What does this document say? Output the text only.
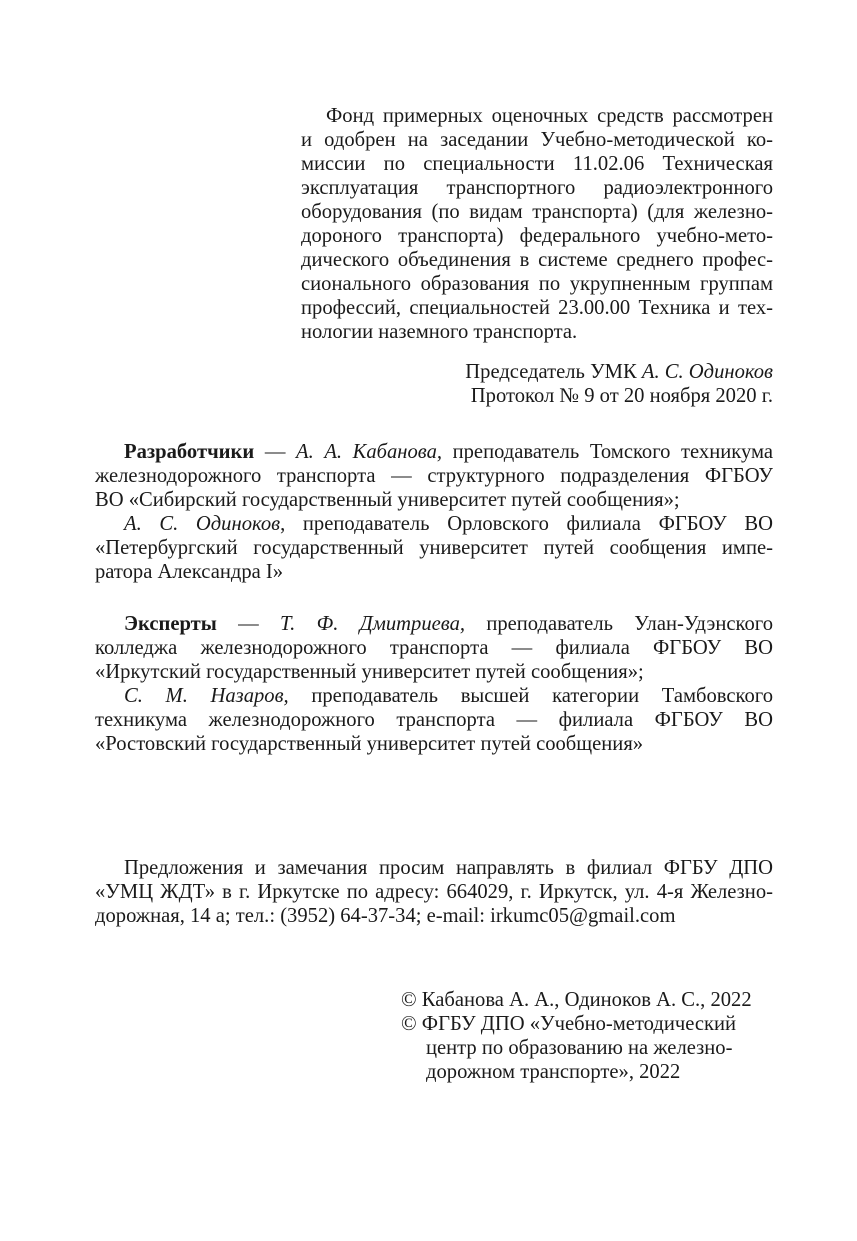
Фонд примерных оценочных средств рассмотрен

и одобрен на заседании Учебно-методической ко-

миссии по специальности 11.02.06 Техническая

эксплуатация транспортного радиоэлектронного

оборудования (по видам транспорта) (для железно-

дороного транспорта) федерального учебно-мето-

дического объединения в системе среднего профес-

сионального образования по укрупненным группам

профессий, специальностей 23.00.00 Техника и тех-

нологии наземного транспорта.

Председатель УМК А. С. Одиноков

Протокол № 9 от 20 ноября 2020 г.

Разработчики — А. А. Кабанова, преподаватель Томского техникума

железнодорожного транспорта — структурного подразделения ФГБОУ

ВО «Сибирский государственный университет путей сообщения»;

А. С. Одиноков, преподаватель Орловского филиала ФГБОУ ВО

«Петербургский государственный университет путей сообщения импе-

ратора Александра I»

Эксперты — Т. Ф. Дмитриева, преподаватель Улан-Удэнского

колледжа железнодорожного транспорта — филиала ФГБОУ ВО

«Иркутский государственный университет путей сообщения»;

С. М. Назаров, преподаватель высшей категории Тамбовского

техникума железнодорожного транспорта — филиала ФГБОУ ВО

«Ростовский государственный университет путей сообщения»

Предложения и замечания просим направлять в филиал ФГБУ ДПО

«УМЦ ЖДТ» в г. Иркутске по адресу: 664029, г. Иркутск, ул. 4-я Железно-

дорожная, 14 а; тел.: (3952) 64-37-34; e-mail: irkumc05@gmail.com

© Кабанова А. А., Одиноков А. С., 2022

© ФГБУ ДПО «Учебно-методический

центр по образованию на железно-

дорожном транспорте», 2022
